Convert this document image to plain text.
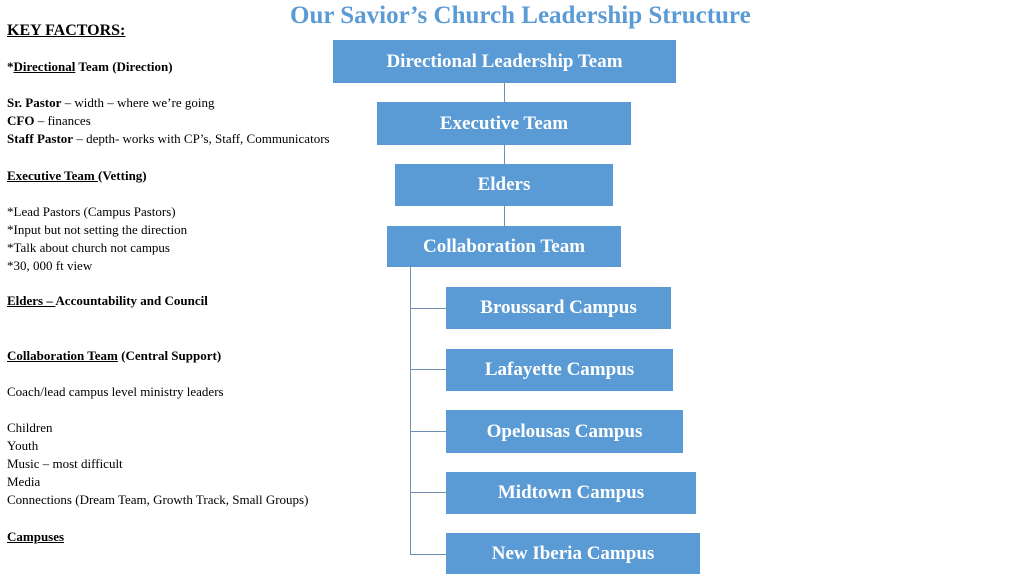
Our Savior’s Church Leadership Structure
KEY FACTORS:
*Directional Team (Direction)
Sr. Pastor – width – where we’re going
CFO – finances
Staff Pastor – depth- works with CP’s, Staff, Communicators
Executive Team (Vetting)
*Lead Pastors (Campus Pastors)
*Input but not setting the direction
*Talk about church not campus
*30, 000 ft view
Elders – Accountability and Council
Collaboration Team (Central Support)
Coach/lead campus level ministry leaders
Children
Youth
Music – most difficult
Media
Connections (Dream Team, Growth Track, Small Groups)
Campuses
Directional Leadership Team
Executive Team
Elders
Collaboration Team
Broussard Campus
Lafayette Campus
Opelousas Campus
Midtown Campus
New Iberia Campus
